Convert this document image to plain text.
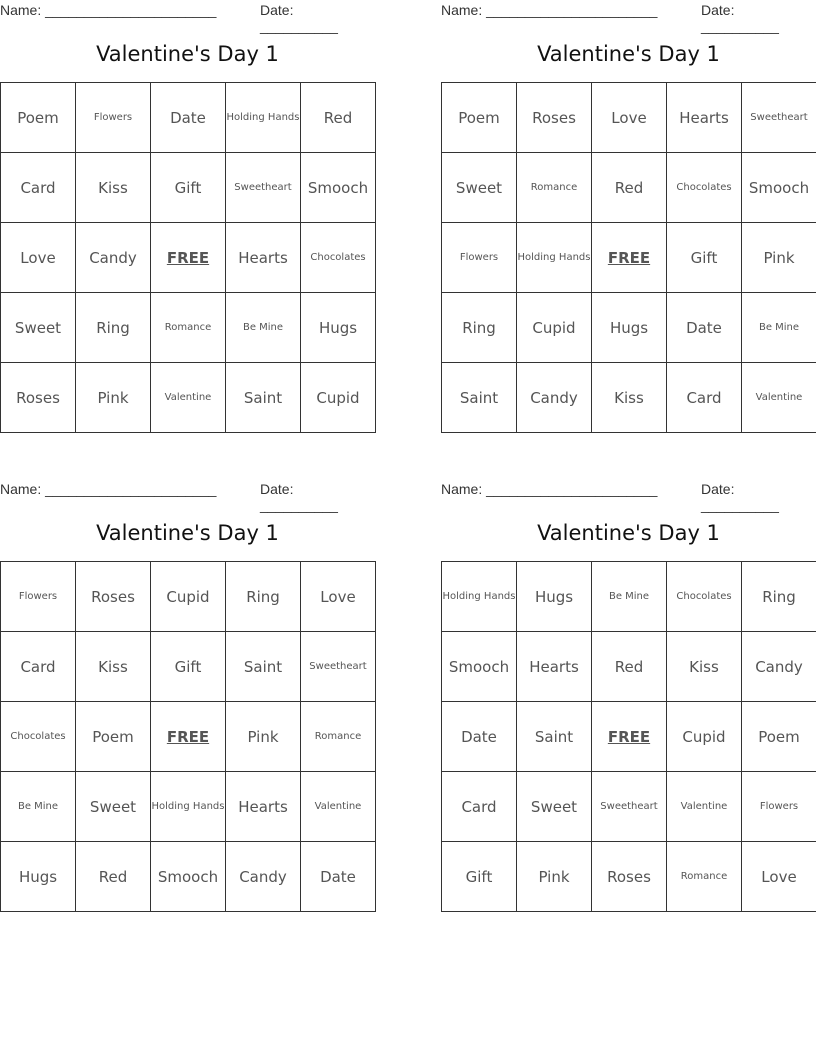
Name: ______________________	Date: __________
Valentine's Day 1
Poem	Flowers	Date	Holding Hands	Red
Card	Kiss	Gift	Sweetheart	Smooch
Love	Candy	FREE	Hearts	Chocolates
Sweet	Ring	Romance	Be Mine	Hugs
Roses	Pink	Valentine	Saint	Cupid
Name: ______________________	Date: __________
Valentine's Day 1
Poem	Roses	Love	Hearts	Sweetheart
Sweet	Romance	Red	Chocolates	Smooch
Flowers	Holding Hands	FREE	Gift	Pink
Ring	Cupid	Hugs	Date	Be Mine
Saint	Candy	Kiss	Card	Valentine
Name: ______________________	Date: __________
Valentine's Day 1
Flowers	Roses	Cupid	Ring	Love
Card	Kiss	Gift	Saint	Sweetheart
Chocolates	Poem	FREE	Pink	Romance
Be Mine	Sweet	Holding Hands	Hearts	Valentine
Hugs	Red	Smooch	Candy	Date
Name: ______________________	Date: __________
Valentine's Day 1
Holding Hands	Hugs	Be Mine	Chocolates	Ring
Smooch	Hearts	Red	Kiss	Candy
Date	Saint	FREE	Cupid	Poem
Card	Sweet	Sweetheart	Valentine	Flowers
Gift	Pink	Roses	Romance	Love
